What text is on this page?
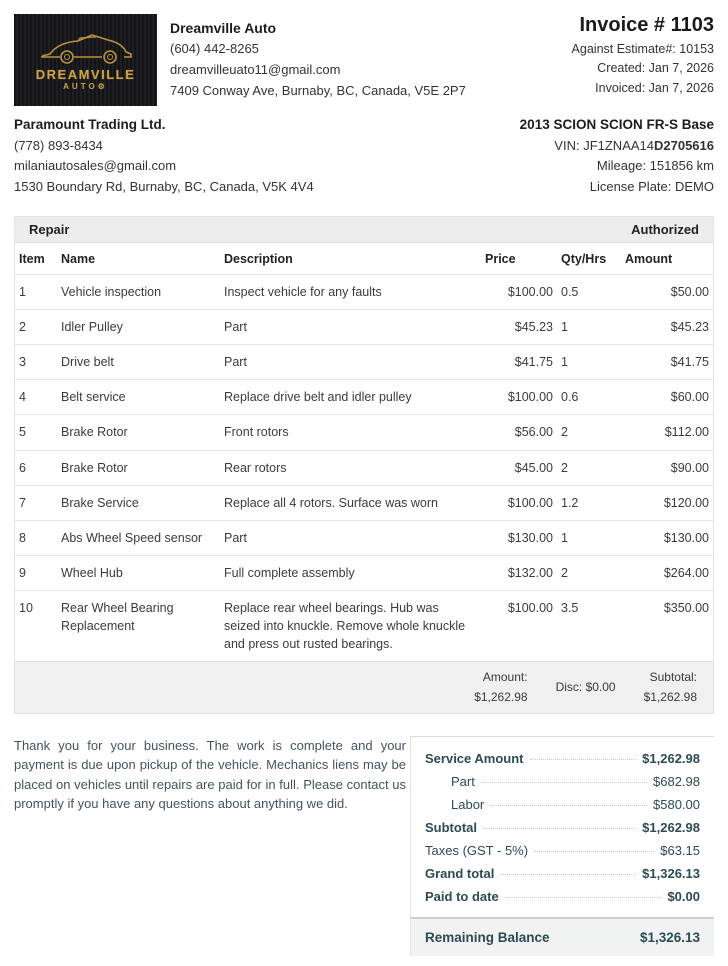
DREAMVILLE
AUTO⚙
Dreamville Auto
(604) 442-8265
dreamvilleuato11@gmail.com
7409 Conway Ave, Burnaby, BC, Canada, V5E 2P7
Invoice # 1103
Against Estimate#: 10153
Created: Jan 7, 2026
Invoiced: Jan 7, 2026
Paramount Trading Ltd.
(778) 893-8434
milaniautosales@gmail.com
1530 Boundary Rd, Burnaby, BC, Canada, V5K 4V4
2013 SCION SCION FR-S Base
VIN: JF1ZNAA14D2705616
Mileage: 151856 km
License Plate: DEMO
Repair	Authorized
Item	Name	Description	Price	Qty/Hrs	Amount
1	Vehicle inspection	Inspect vehicle for any faults	$100.00	0.5	$50.00
2	Idler Pulley	Part	$45.23	1	$45.23
3	Drive belt	Part	$41.75	1	$41.75
4	Belt service	Replace drive belt and idler pulley	$100.00	0.6	$60.00
5	Brake Rotor	Front rotors	$56.00	2	$112.00
6	Brake Rotor	Rear rotors	$45.00	2	$90.00
7	Brake Service	Replace all 4 rotors. Surface was worn	$100.00	1.2	$120.00
8	Abs Wheel Speed sensor	Part	$130.00	1	$130.00
9	Wheel Hub	Full complete assembly	$132.00	2	$264.00
10	Rear Wheel Bearing Replacement	Replace rear wheel bearings. Hub was seized into knuckle. Remove whole knuckle and press out rusted bearings.	$100.00	3.5	$350.00
Amount:
$1,262.98
Disc: $0.00
Subtotal:
$1,262.98
Thank you for your business. The work is complete and your payment is due upon pickup of the vehicle. Mechanics liens may be placed on vehicles until repairs are paid for in full. Please contact us promptly if you have any questions about anything we did.
Service Amount	$1,262.98
Part	$682.98
Labor	$580.00
Subtotal	$1,262.98
Taxes (GST - 5%)	$63.15
Grand total	$1,326.13
Paid to date	$0.00
Remaining Balance	$1,326.13
